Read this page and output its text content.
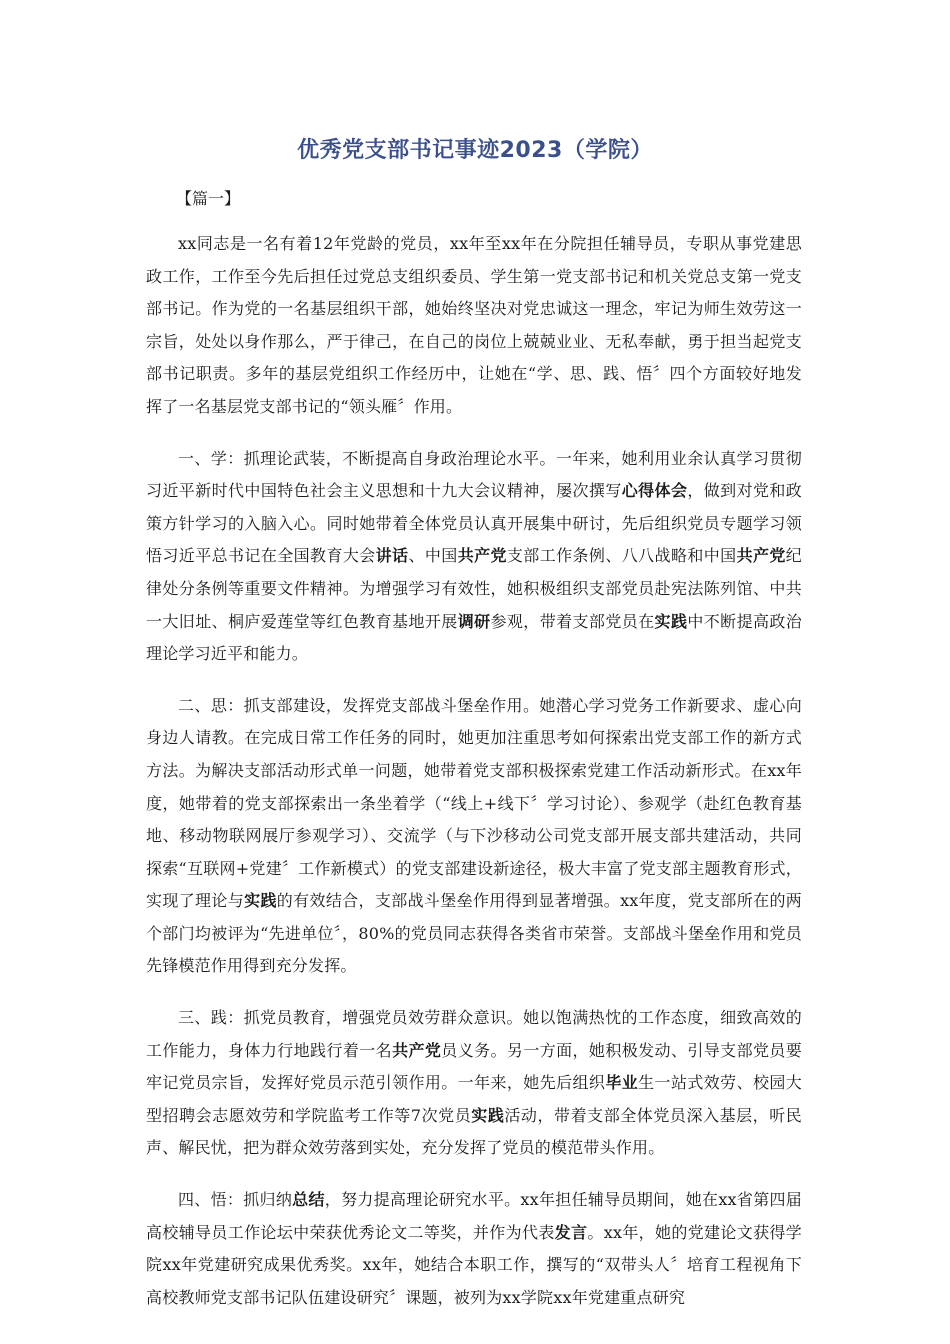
优秀党支部书记事迹2023（学院）
【篇一】

xx同志是一名有着12年党龄的党员，xx年至xx年在分院担任辅导员，专职从事党建思政工作，工作至今先后担任过党总支组织委员、学生第一党支部书记和机关党总支第一党支部书记。作为党的一名基层组织干部，她始终坚决对党忠诚这一理念，牢记为师生效劳这一宗旨，处处以身作那么，严于律己，在自己的岗位上兢兢业业、无私奉献，勇于担当起党支部书记职责。多年的基层党组织工作经历中，让她在“学、思、践、悟〞四个方面较好地发挥了一名基层党支部书记的“领头雁〞作用。

一、学：抓理论武装，不断提高自身政治理论水平。一年来，她利用业余认真学习贯彻习近平新时代中国特色社会主义思想和十九大会议精神，屡次撰写心得体会，做到对党和政策方针学习的入脑入心。同时她带着全体党员认真开展集中研讨，先后组织党员专题学习领悟习近平总书记在全国教育大会讲话、中国共产党支部工作条例、八八战略和中国共产党纪律处分条例等重要文件精神。为增强学习有效性，她积极组织支部党员赴宪法陈列馆、中共一大旧址、桐庐爱莲堂等红色教育基地开展调研参观，带着支部党员在实践中不断提高政治理论学习近平和能力。

二、思：抓支部建设，发挥党支部战斗堡垒作用。她潜心学习党务工作新要求、虚心向身边人请教。在完成日常工作任务的同时，她更加注重思考如何探索出党支部工作的新方式方法。为解决支部活动形式单一问题，她带着党支部积极探索党建工作活动新形式。在xx年度，她带着的党支部探索出一条坐着学（“线上+线下〞学习讨论）、参观学（赴红色教育基地、移动物联网展厅参观学习）、交流学（与下沙移动公司党支部开展支部共建活动，共同探索“互联网+党建〞工作新模式）的党支部建设新途径，极大丰富了党支部主题教育形式，实现了理论与实践的有效结合，支部战斗堡垒作用得到显著增强。xx年度，党支部所在的两个部门均被评为“先进单位〞，80%的党员同志获得各类省市荣誉。支部战斗堡垒作用和党员先锋模范作用得到充分发挥。

三、践：抓党员教育，增强党员效劳群众意识。她以饱满热忱的工作态度，细致高效的工作能力，身体力行地践行着一名共产党员义务。另一方面，她积极发动、引导支部党员要牢记党员宗旨，发挥好党员示范引领作用。一年来，她先后组织毕业生一站式效劳、校园大型招聘会志愿效劳和学院监考工作等7次党员实践活动，带着支部全体党员深入基层，听民声、解民忧，把为群众效劳落到实处，充分发挥了党员的模范带头作用。

四、悟：抓归纳总结，努力提高理论研究水平。xx年担任辅导员期间，她在xx省第四届高校辅导员工作论坛中荣获优秀论文二等奖，并作为代表发言。xx年，她的党建论文获得学院xx年党建研究成果优秀奖。xx年，她结合本职工作，撰写的“双带头人〞培育工程视角下高校教师党支部书记队伍建设研究〞课题，被列为xx学院xx年党建重点研究
